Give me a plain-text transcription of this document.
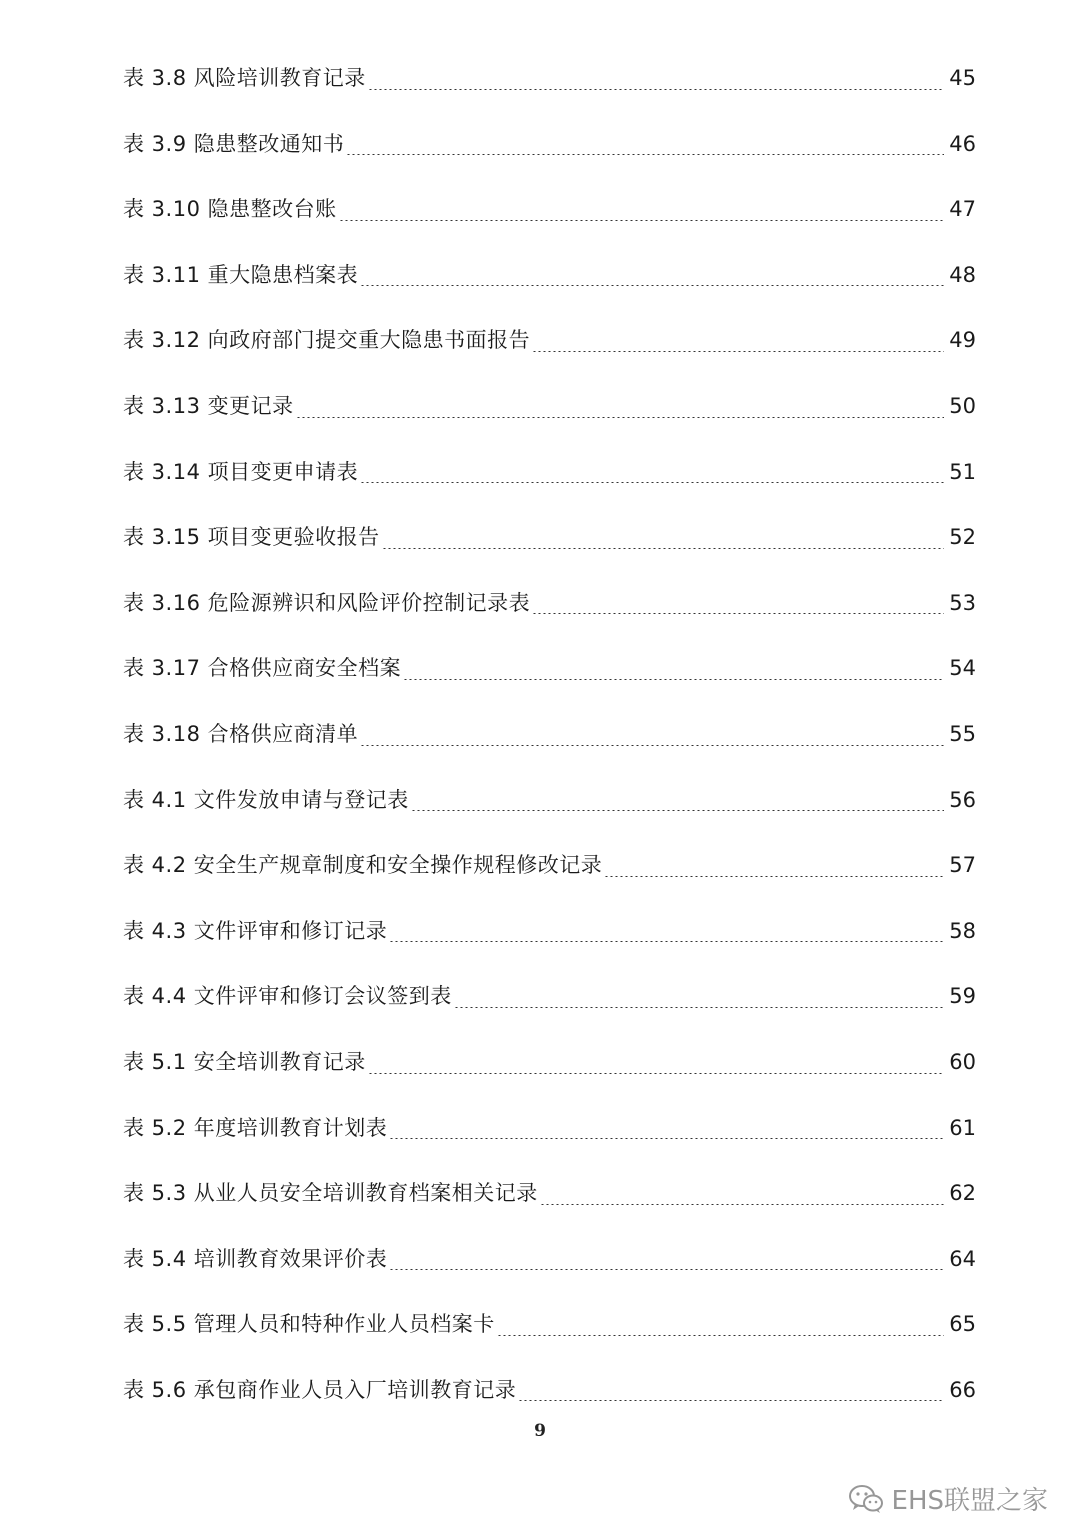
表 3.8 风险培训教育记录	45
表 3.9 隐患整改通知书	46
表 3.10 隐患整改台账	47
表 3.11 重大隐患档案表	48
表 3.12 向政府部门提交重大隐患书面报告	49
表 3.13 变更记录	50
表 3.14 项目变更申请表	51
表 3.15 项目变更验收报告	52
表 3.16 危险源辨识和风险评价控制记录表	53
表 3.17 合格供应商安全档案	54
表 3.18 合格供应商清单	55
表 4.1 文件发放申请与登记表	56
表 4.2 安全生产规章制度和安全操作规程修改记录	57
表 4.3 文件评审和修订记录	58
表 4.4 文件评审和修订会议签到表	59
表 5.1 安全培训教育记录	60
表 5.2 年度培训教育计划表	61
表 5.3 从业人员安全培训教育档案相关记录	62
表 5.4 培训教育效果评价表	64
表 5.5 管理人员和特种作业人员档案卡	65
表 5.6 承包商作业人员入厂培训教育记录	66
9
EHS联盟之家
